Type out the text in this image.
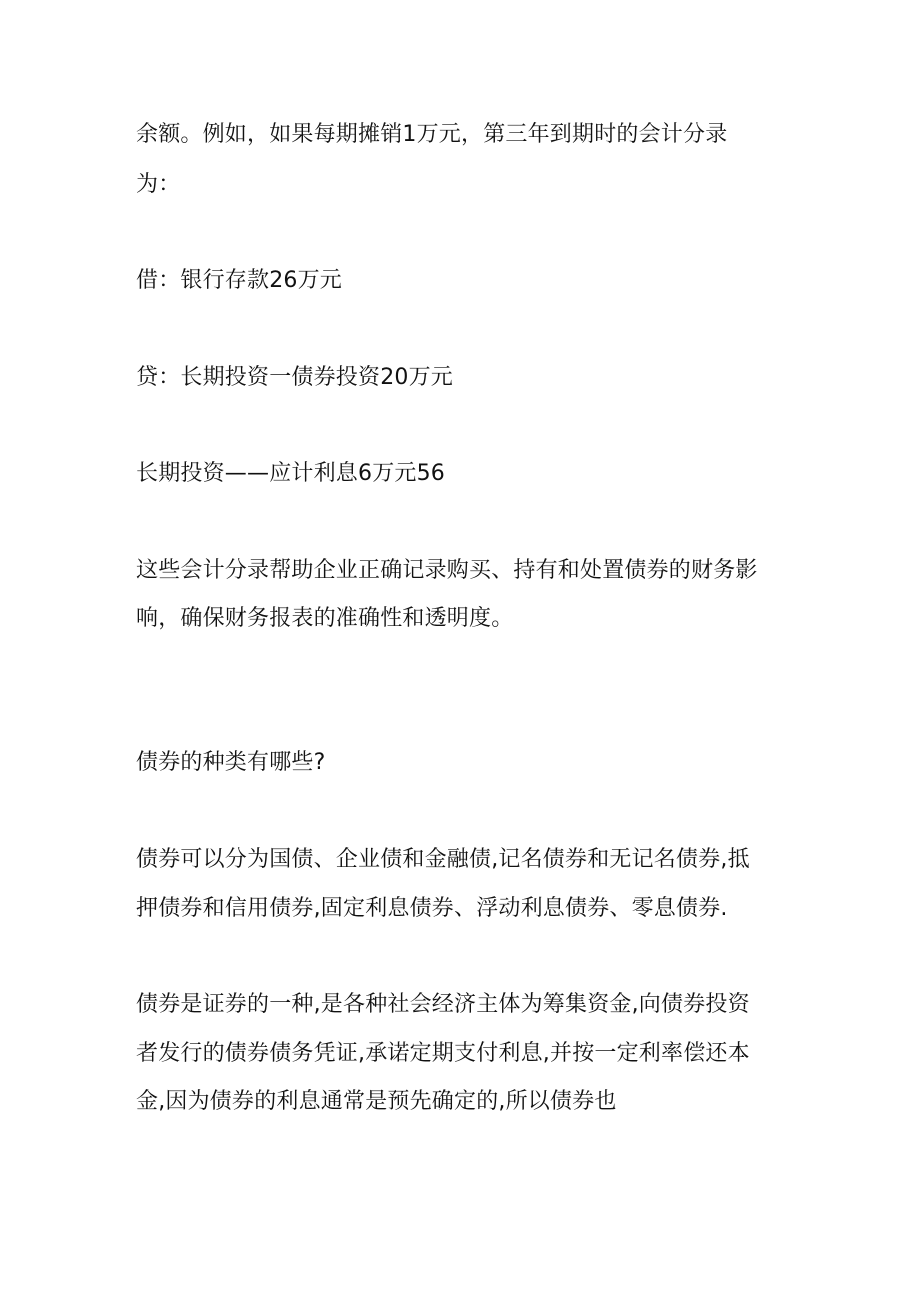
余额。例如，如果每期摊销1万元，第三年到期时的会计分录
为：
借：银行存款26万元
贷：长期投资一债券投资20万元
长期投资——应计利息6万元56
这些会计分录帮助企业正确记录购买、持有和处置债券的财务影
响，确保财务报表的准确性和透明度。
债券的种类有哪些?
债券可以分为国债、企业债和金融债,记名债券和无记名债券,抵
押债券和信用债券,固定利息债券、浮动利息债券、零息债券.
债券是证券的一种,是各种社会经济主体为筹集资金,向债券投资
者发行的债券债务凭证,承诺定期支付利息,并按一定利率偿还本
金,因为债券的利息通常是预先确定的,所以债券也
